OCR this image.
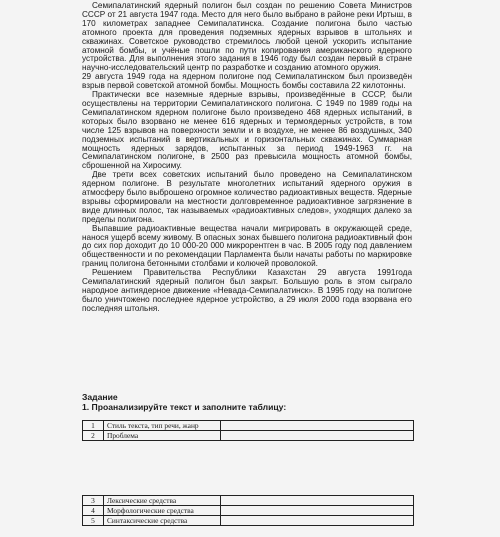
Семипалатинский ядерный полигон был создан по решению Совета Министров СССР от 21 августа 1947 года. Место для него было выбрано в районе реки Иртыш, в 170 километрах западнее Семипалатинска. Создание полигона было частью атомного проекта для проведения подземных ядерных взрывов в штольнях и скважинах. Советское руководство стремилось любой ценой ускорить испытание атомной бомбы, и учёные пошли по пути копирования американского ядерного устройства. Для выполнения этого задания в 1946 году был создан первый в стране научно-исследовательский центр по разработке и созданию атомного оружия.

29 августа 1949 года на ядерном полигоне под Семипалатинском был произведён взрыв первой советской атомной бомбы. Мощность бомбы составила 22 килотонны.

Практически все наземные ядерные взрывы, произведённые в СССР, были осуществлены на территории Семипалатинского полигона. С 1949 по 1989 годы на Семипалатинском ядерном полигоне было произведено 468 ядерных испытаний, в которых было взорвано не менее 616 ядерных и термоядерных устройств, в том числе 125 взрывов на поверхности земли и в воздухе, не менее 86 воздушных, 340 подземных испытаний в вертикальных и горизонтальных скважинах. Суммарная мощность ядерных зарядов, испытанных за период 1949-1963 гг. на Семипалатинском полигоне, в 2500 раз превысила мощность атомной бомбы, сброшенной на Хиросиму.

Две трети всех советских испытаний было проведено на Семипалатинском ядерном полигоне. В результате многолетних испытаний ядерного оружия в атмосферу было выброшено огромное количество радиоактивных веществ. Ядерные взрывы сформировали на местности долговременное радиоактивное загрязнение в виде длинных полос, так называемых «радиоактивных следов», уходящих далеко за пределы полигона.

Выпавшие радиоактивные вещества начали мигрировать в окружающей среде, нанося ущерб всему живому. В опасных зонах бывшего полигона радиоактивный фон до сих пор доходит до 10 000-20 000 микрорентген в час. В 2005 году под давлением общественности и по рекомендации Парламента были начаты работы по маркировке границ полигона бетонными столбами и колючей проволокой.

Решением Правительства Республики Казахстан 29 августа 1991года Семипалатинский ядерный полигон был закрыт. Большую роль в этом сыграло народное антиядерное движение «Невада-Семипалатинск». В 1995 году на полигоне было уничтожено последнее ядерное устройство, а 29 июля 2000 года взорвана его последняя штольня.

Задание
1. Проанализируйте текст и заполните таблицу:
1	Стиль текста, тип речи, жанр	
2	Проблема	
3	Лексические средства	
4	Морфологические средства	
5	Синтаксические средства	
